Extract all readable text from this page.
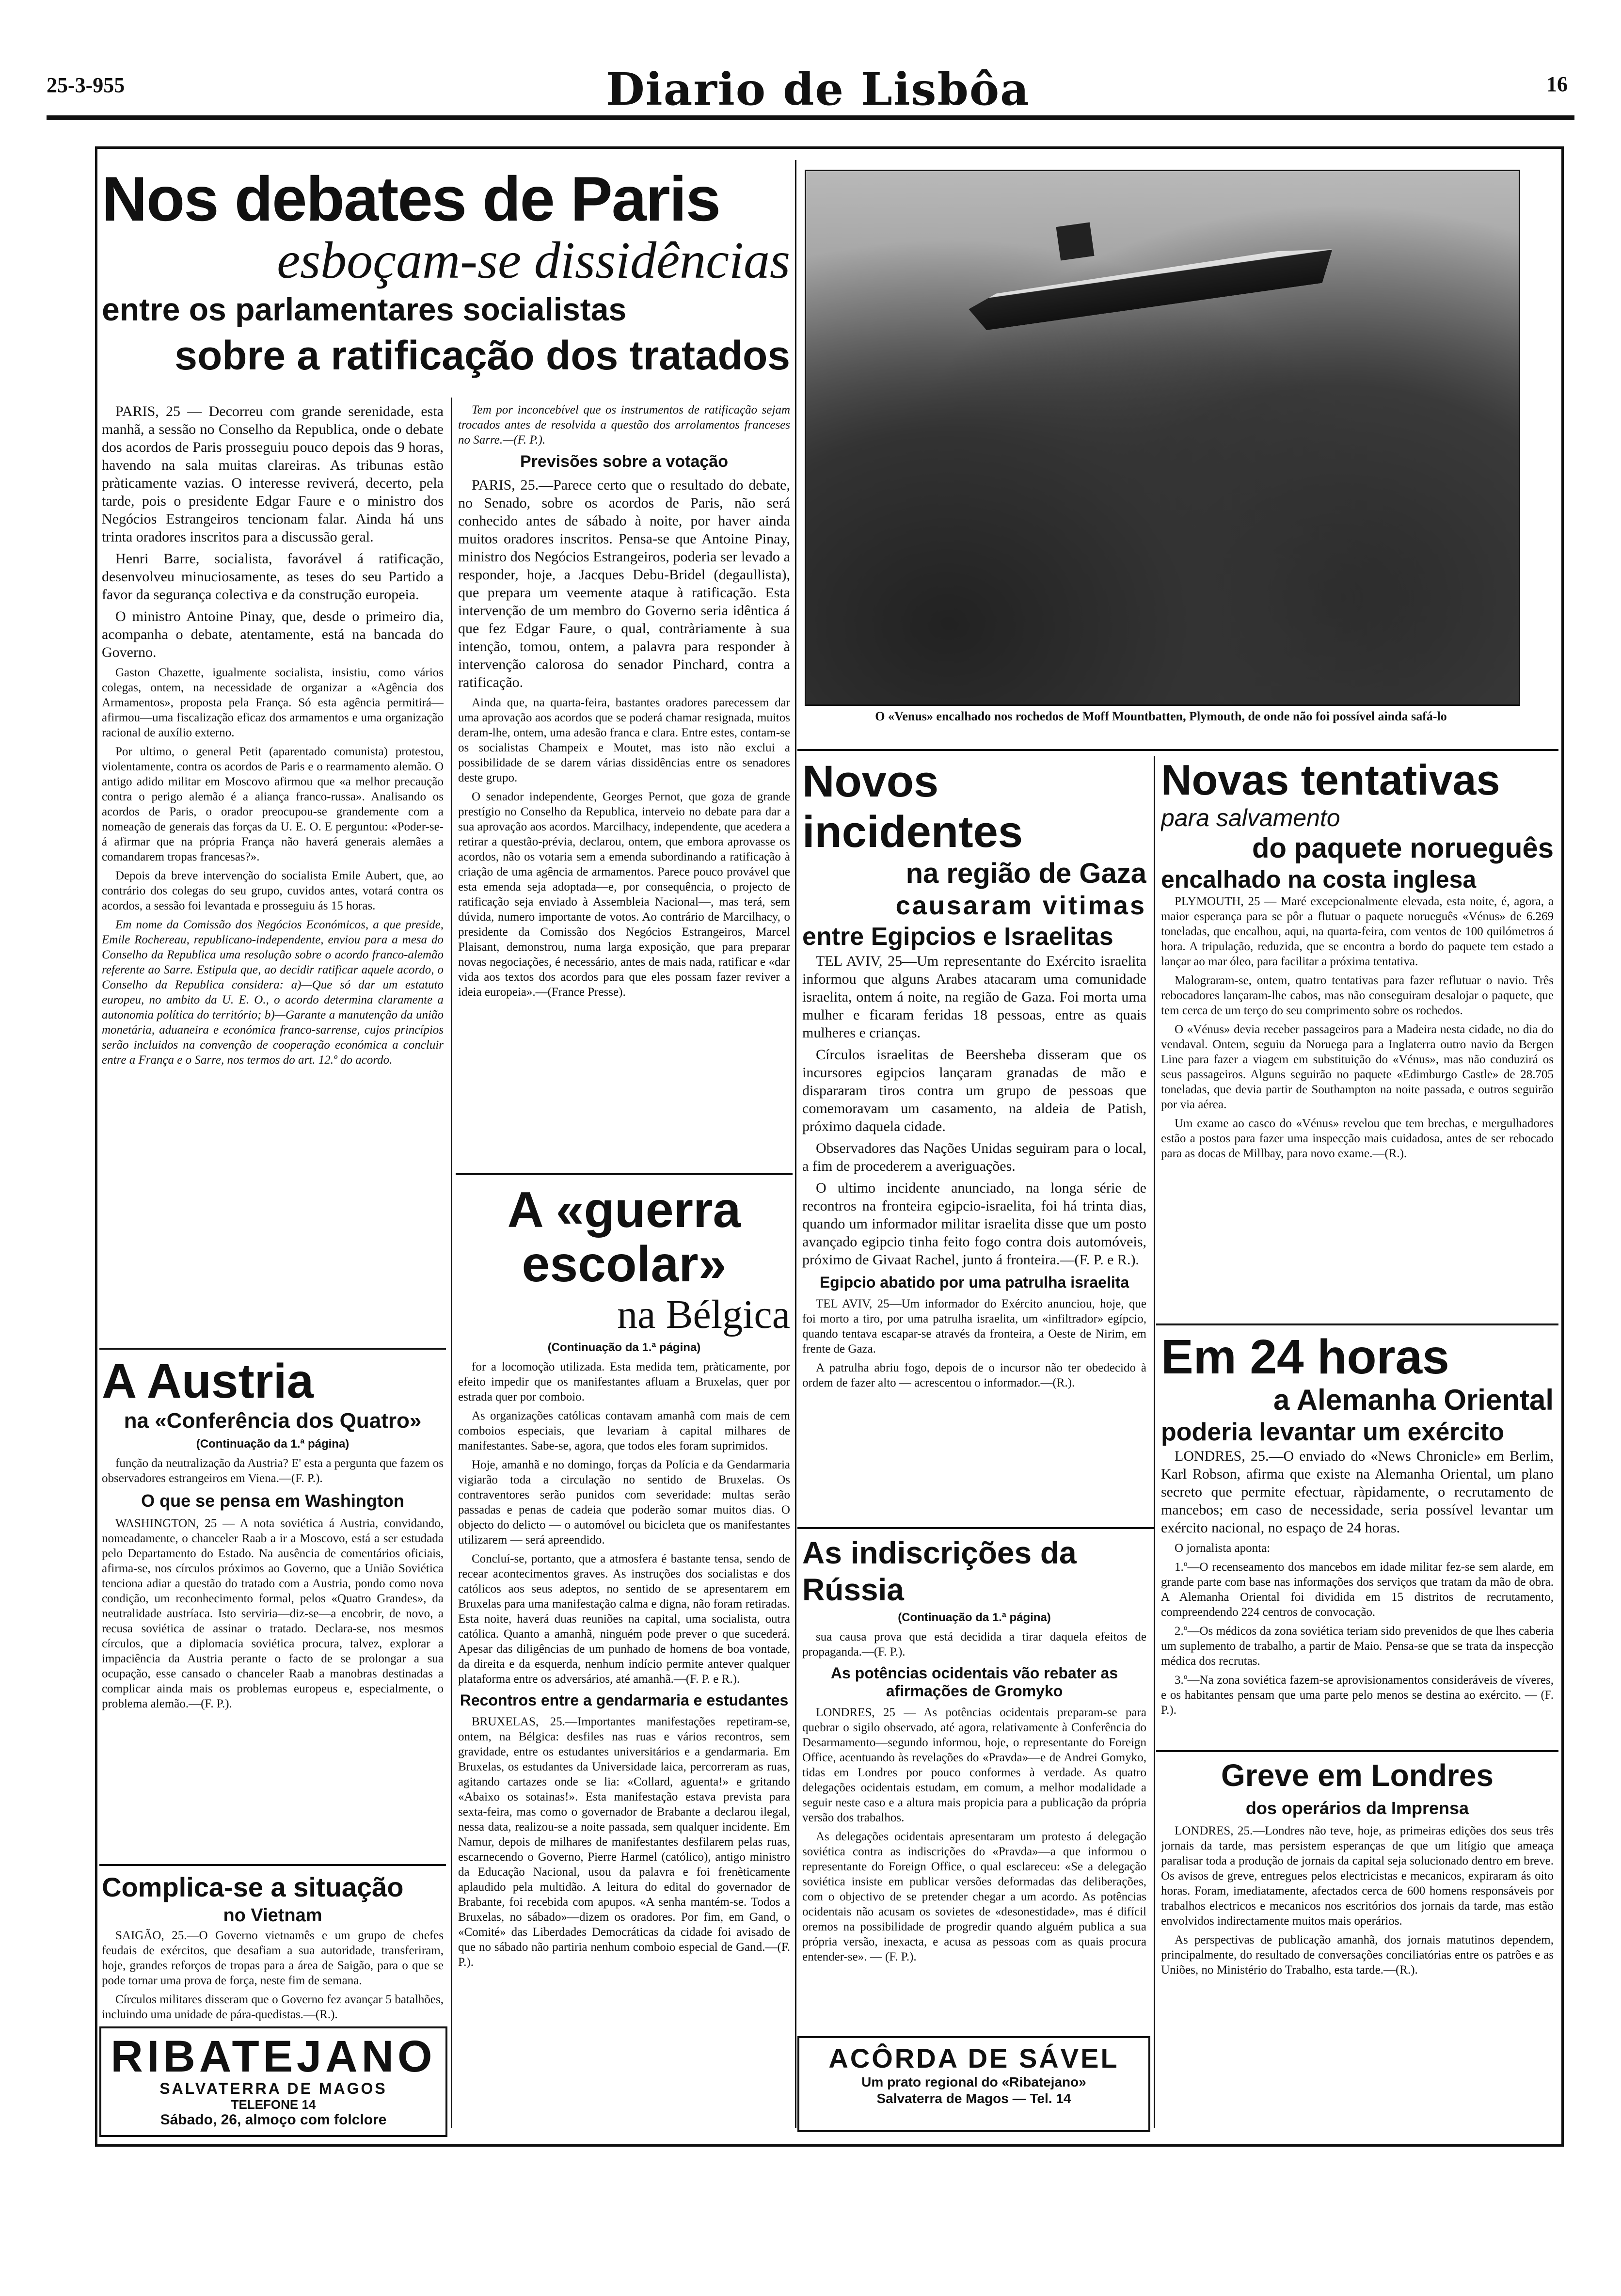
25-3-955	Diario de Lisbôa	16
Nos debates de Paris
esboçam-se dissidências
entre os parlamentares socialistas
sobre a ratificação dos tratados

PARIS, 25 — Decorreu com grande serenidade, esta manhã, a sessão no Conselho da Republica, onde o debate dos acordos de Paris prosseguiu pouco depois das 9 horas, havendo na sala muitas clareiras. As tribunas estão pràticamente vazias. O interesse reviverá, decerto, pela tarde, pois o presidente Edgar Faure e o ministro dos Negócios Estrangeiros tencionam falar. Ainda há uns trinta oradores inscritos para a discussão geral.

Henri Barre, socialista, favorável á ratificação, desenvolveu minuciosamente, as teses do seu Partido a favor da segurança colectiva e da construção europeia.

O ministro Antoine Pinay, que, desde o primeiro dia, acompanha o debate, atentamente, está na bancada do Governo.

Gaston Chazette, igualmente socialista, insistiu, como vários colegas, ontem, na necessidade de organizar a «Agência dos Armamentos», proposta pela França. Só esta agência permitirá—afirmou—uma fiscalização eficaz dos armamentos e uma organização racional de auxílio externo.

Por ultimo, o general Petit (aparentado comunista) protestou, violentamente, contra os acordos de Paris e o rearmamento alemão. O antigo adido militar em Moscovo afirmou que «a melhor precaução contra o perigo alemão é a aliança franco-russa». Analisando os acordos de Paris, o orador preocupou-se grandemente com a nomeação de generais das forças da U. E. O. E perguntou: «Poder-se-á afirmar que na própria França não haverá generais alemães a comandarem tropas francesas?».

Depois da breve intervenção do socialista Emile Aubert, que, ao contrário dos colegas do seu grupo, cuvidos antes, votará contra os acordos, a sessão foi levantada e prosseguiu ás 15 horas.

Em nome da Comissão dos Negócios Económicos, a que preside, Emile Rochereau, republicano-independente, enviou para a mesa do Conselho da Republica uma resolução sobre o acordo franco-alemão referente ao Sarre. Estipula que, ao decidir ratificar aquele acordo, o Conselho da Republica considera: a)—Que só dar um estatuto europeu, no ambito da U. E. O., o acordo determina claramente a autonomia política do território; b)—Garante a manutenção da união monetária, aduaneira e económica franco-sarrense, cujos princípios serão incluidos na convenção de cooperação económica a concluir entre a França e o Sarre, nos termos do art. 12.º do acordo.

A Austria
na «Conferência dos Quatro»
(Continuação da 1.ª página)

função da neutralização da Austria? E' esta a pergunta que fazem os observadores estrangeiros em Viena.—(F. P.).

O que se pensa em Washington

WASHINGTON, 25 — A nota soviética á Austria, convidando, nomeadamente, o chanceler Raab a ir a Moscovo, está a ser estudada pelo Departamento do Estado. Na ausência de comentários oficiais, afirma-se, nos círculos próximos ao Governo, que a União Soviética tenciona adiar a questão do tratado com a Austria, pondo como nova condição, um reconhecimento formal, pelos «Quatro Grandes», da neutralidade austríaca. Isto serviria—diz-se—a encobrir, de novo, a recusa soviética de assinar o tratado. Declara-se, nos mesmos círculos, que a diplomacia soviética procura, talvez, explorar a impaciência da Austria perante o facto de se prolongar a sua ocupação, esse cansado o chanceler Raab a manobras destinadas a complicar ainda mais os problemas europeus e, especialmente, o problema alemão.—(F. P.).

Complica-se a situação
no Vietnam

SAIGÃO, 25.—O Governo vietnamês e um grupo de chefes feudais de exércitos, que desafiam a sua autoridade, transferiram, hoje, grandes reforços de tropas para a área de Saigão, para o que se pode tornar uma prova de força, neste fim de semana.

Círculos militares disseram que o Governo fez avançar 5 batalhões, incluindo uma unidade de pára-quedistas.—(R.).

RIBATEJANO
SALVATERRA DE MAGOS
TELEFONE 14
Sábado, 26, almoço com folclore

Tem por inconcebível que os instrumentos de ratificação sejam trocados antes de resolvida a questão dos arrolamentos franceses no Sarre.—(F. P.).

Previsões sobre a votação

PARIS, 25.—Parece certo que o resultado do debate, no Senado, sobre os acordos de Paris, não será conhecido antes de sábado à noite, por haver ainda muitos oradores inscritos. Pensa-se que Antoine Pinay, ministro dos Negócios Estrangeiros, poderia ser levado a responder, hoje, a Jacques Debu-Bridel (degaullista), que prepara um veemente ataque à ratificação. Esta intervenção de um membro do Governo seria idêntica á que fez Edgar Faure, o qual, contràriamente à sua intenção, tomou, ontem, a palavra para responder à intervenção calorosa do senador Pinchard, contra a ratificação.

Ainda que, na quarta-feira, bastantes oradores parecessem dar uma aprovação aos acordos que se poderá chamar resignada, muitos deram-lhe, ontem, uma adesão franca e clara. Entre estes, contam-se os socialistas Champeix e Moutet, mas isto não exclui a possibilidade de se darem várias dissidências entre os senadores deste grupo.

O senador independente, Georges Pernot, que goza de grande prestígio no Conselho da Republica, interveio no debate para dar a sua aprovação aos acordos. Marcilhacy, independente, que acedera a retirar a questão-prévia, declarou, ontem, que embora aprovasse os acordos, não os votaria sem a emenda subordinando a ratificação à criação de uma agência de armamentos. Parece pouco provável que esta emenda seja adoptada—e, por consequência, o projecto de ratificação seja enviado à Assembleia Nacional—, mas terá, sem dúvida, numero importante de votos. Ao contrário de Marcilhacy, o presidente da Comissão dos Negócios Estrangeiros, Marcel Plaisant, demonstrou, numa larga exposição, que para preparar novas negociações, é necessário, antes de mais nada, ratificar e «dar vida aos textos dos acordos para que eles possam fazer reviver a ideia europeia».—(France Presse).

A «guerra escolar»
na Bélgica
(Continuação da 1.ª página)

for a locomoção utilizada. Esta medida tem, pràticamente, por efeito impedir que os manifestantes afluam a Bruxelas, quer por estrada quer por comboio.

As organizações católicas contavam amanhã com mais de cem comboios especiais, que levariam à capital milhares de manifestantes. Sabe-se, agora, que todos eles foram suprimidos.

Hoje, amanhã e no domingo, forças da Polícia e da Gendarmaria vigiarão toda a circulação no sentido de Bruxelas. Os contraventores serão punidos com severidade: multas serão passadas e penas de cadeia que poderão somar muitos dias. O objecto do delicto — o automóvel ou bicicleta que os manifestantes utilizarem — será apreendido.

Concluí-se, portanto, que a atmosfera é bastante tensa, sendo de recear acontecimentos graves. As instruções dos socialistas e dos católicos aos seus adeptos, no sentido de se apresentarem em Bruxelas para uma manifestação calma e digna, não foram retiradas. Esta noite, haverá duas reuniões na capital, uma socialista, outra católica. Quanto a amanhã, ninguém pode prever o que sucederá. Apesar das diligências de um punhado de homens de boa vontade, da direita e da esquerda, nenhum indício permite antever qualquer plataforma entre os adversários, até amanhã.—(F. P. e R.).

Recontros entre a gendarmaria e estudantes

BRUXELAS, 25.—Importantes manifestações repetiram-se, ontem, na Bélgica: desfiles nas ruas e vários recontros, sem gravidade, entre os estudantes universitários e a gendarmaria. Em Bruxelas, os estudantes da Universidade laica, percorreram as ruas, agitando cartazes onde se lia: «Collard, aguenta!» e gritando «Abaixo os sotainas!». Esta manifestação estava prevista para sexta-feira, mas como o governador de Brabante a declarou ilegal, nessa data, realizou-se a noite passada, sem qualquer incidente. Em Namur, depois de milhares de manifestantes desfilarem pelas ruas, escarnecendo o Governo, Pierre Harmel (católico), antigo ministro da Educação Nacional, usou da palavra e foi frenèticamente aplaudido pela multidão. A leitura do edital do governador de Brabante, foi recebida com apupos. «A senha mantém-se. Todos a Bruxelas, no sábado»—dizem os oradores. Por fim, em Gand, o «Comité» das Liberdades Democráticas da cidade foi avisado de que no sábado não partiria nenhum comboio especial de Gand.—(F. P.).

O «Venus» encalhado nos rochedos de Moff Mountbatten, Plymouth, de onde não foi possível ainda safá-lo
Novos incidentes
na região de Gaza
causaram vitimas
entre Egipcios e Israelitas

TEL AVIV, 25—Um representante do Exército israelita informou que alguns Arabes atacaram uma comunidade israelita, ontem á noite, na região de Gaza. Foi morta uma mulher e ficaram feridas 18 pessoas, entre as quais mulheres e crianças.

Círculos israelitas de Beersheba disseram que os incursores egipcios lançaram granadas de mão e dispararam tiros contra um grupo de pessoas que comemoravam um casamento, na aldeia de Patish, próximo daquela cidade.

Observadores das Nações Unidas seguiram para o local, a fim de procederem a averiguações.

O ultimo incidente anunciado, na longa série de recontros na fronteira egipcio-israelita, foi há trinta dias, quando um informador militar israelita disse que um posto avançado egipcio tinha feito fogo contra dois automóveis, próximo de Givaat Rachel, junto á fronteira.—(F. P. e R.).

Egipcio abatido por uma patrulha israelita

TEL AVIV, 25—Um informador do Exército anunciou, hoje, que foi morto a tiro, por uma patrulha israelita, um «infiltrador» egípcio, quando tentava escapar-se através da fronteira, a Oeste de Nirim, em frente de Gaza.

A patrulha abriu fogo, depois de o incursor não ter obedecido à ordem de fazer alto — acrescentou o informador.—(R.).

As indiscrições da Rússia
(Continuação da 1.ª página)

sua causa prova que está decidida a tirar daquela efeitos de propaganda.—(F. P.).

As potências ocidentais vão rebater as afirmações de Gromyko

LONDRES, 25 — As potências ocidentais preparam-se para quebrar o sigilo observado, até agora, relativamente à Conferência do Desarmamento—segundo informou, hoje, o representante do Foreign Office, acentuando às revelações do «Pravda»—e de Andrei Gomyko, tidas em Londres por pouco conformes à verdade. As quatro delegações ocidentais estudam, em comum, a melhor modalidade a seguir neste caso e a altura mais propicia para a publicação da própria versão dos trabalhos.

As delegações ocidentais apresentaram um protesto á delegação soviética contra as indiscrições do «Pravda»—a que informou o representante do Foreign Office, o qual esclareceu: «Se a delegação soviética insiste em publicar versões deformadas das deliberações, com o objectivo de se pretender chegar a um acordo. As potências ocidentais não acusam os sovietes de «desonestidade», mas é difícil oremos na possibilidade de progredir quando alguém publica a sua própria versão, inexacta, e acusa as pessoas com as quais procura entender-se». — (F. P.).

ACÔRDA DE SÁVEL
Um prato regional do «Ribatejano»
Salvaterra de Magos — Tel. 14
Novas tentativas
para salvamento
do paquete norueguês
encalhado na costa inglesa

PLYMOUTH, 25 — Maré excepcionalmente elevada, esta noite, é, agora, a maior esperança para se pôr a flutuar o paquete norueguês «Vénus» de 6.269 toneladas, que encalhou, aqui, na quarta-feira, com ventos de 100 quilómetros á hora. A tripulação, reduzida, que se encontra a bordo do paquete tem estado a lançar ao mar óleo, para facilitar a próxima tentativa.

Malograram-se, ontem, quatro tentativas para fazer reflutuar o navio. Três rebocadores lançaram-lhe cabos, mas não conseguiram desalojar o paquete, que tem cerca de um terço do seu comprimento sobre os rochedos.

O «Vénus» devia receber passageiros para a Madeira nesta cidade, no dia do vendaval. Ontem, seguiu da Noruega para a Inglaterra outro navio da Bergen Line para fazer a viagem em substituição do «Vénus», mas não conduzirá os seus passageiros. Alguns seguirão no paquete «Edimburgo Castle» de 28.705 toneladas, que devia partir de Southampton na noite passada, e outros seguirão por via aérea.

Um exame ao casco do «Vénus» revelou que tem brechas, e mergulhadores estão a postos para fazer uma inspecção mais cuidadosa, antes de ser rebocado para as docas de Millbay, para novo exame.—(R.).

Em 24 horas
a Alemanha Oriental
poderia levantar um exército

LONDRES, 25.—O enviado do «News Chronicle» em Berlim, Karl Robson, afirma que existe na Alemanha Oriental, um plano secreto que permite efectuar, ràpidamente, o recrutamento de mancebos; em caso de necessidade, seria possível levantar um exército nacional, no espaço de 24 horas.

O jornalista aponta:

1.º—O recenseamento dos mancebos em idade militar fez-se sem alarde, em grande parte com base nas informações dos serviços que tratam da mão de obra. A Alemanha Oriental foi dividida em 15 distritos de recrutamento, compreendendo 224 centros de convocação.

2.º—Os médicos da zona soviética teriam sido prevenidos de que lhes caberia um suplemento de trabalho, a partir de Maio. Pensa-se que se trata da inspecção médica dos recrutas.

3.º—Na zona soviética fazem-se aprovisionamentos consideráveis de víveres, e os habitantes pensam que uma parte pelo menos se destina ao exército. — (F. P.).

Greve em Londres
dos operários da Imprensa

LONDRES, 25.—Londres não teve, hoje, as primeiras edições dos seus três jornais da tarde, mas persistem esperanças de que um litígio que ameaça paralisar toda a produção de jornais da capital seja solucionado dentro em breve. Os avisos de greve, entregues pelos electricistas e mecanicos, expiraram ás oito horas. Foram, imediatamente, afectados cerca de 600 homens responsáveis por trabalhos electricos e mecanicos nos escritórios dos jornais da tarde, mas estão envolvidos indirectamente muitos mais operários.

As perspectivas de publicação amanhã, dos jornais matutinos dependem, principalmente, do resultado de conversações conciliatórias entre os patrões e as Uniões, no Ministério do Trabalho, esta tarde.—(R.).
